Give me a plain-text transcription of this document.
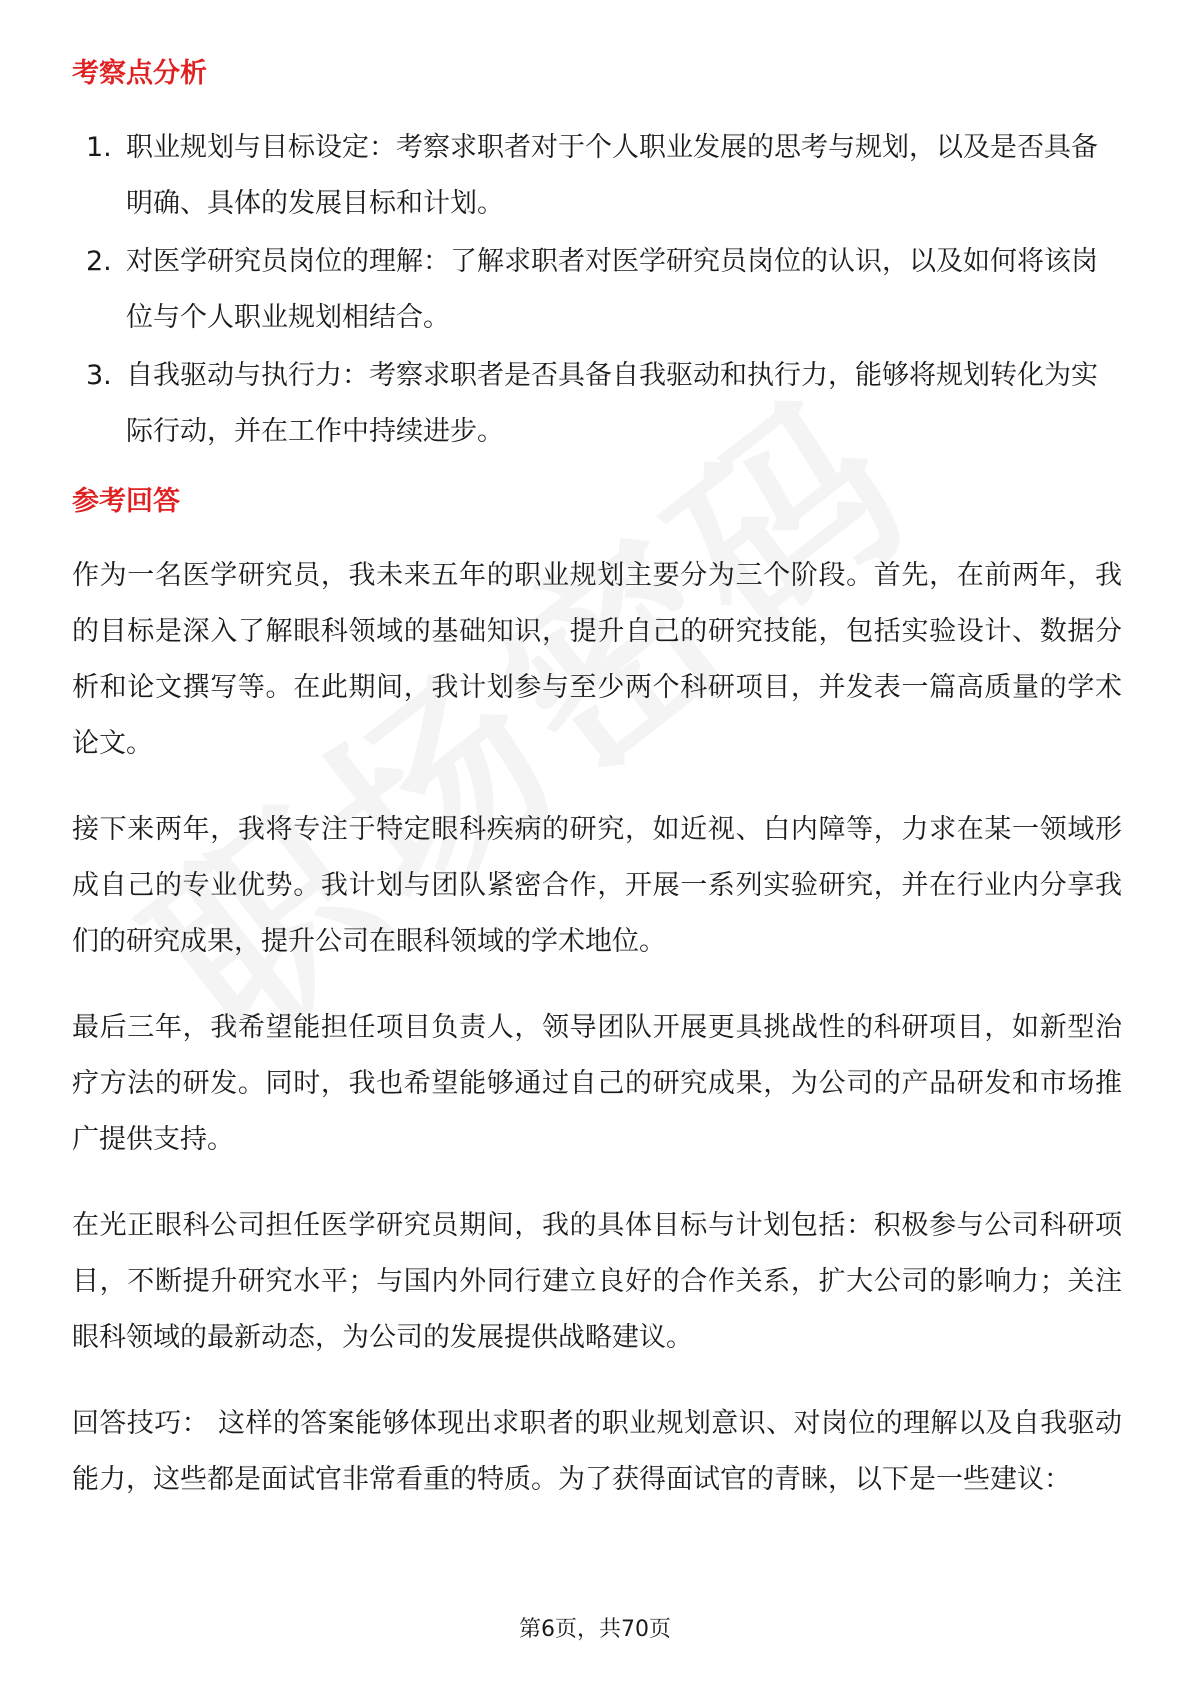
考察点分析
1. 职业规划与目标设定：考察求职者对于个人职业发展的思考与规划，以及是否具备明确、具体的发展目标和计划。
2. 对医学研究员岗位的理解：了解求职者对医学研究员岗位的认识，以及如何将该岗位与个人职业规划相结合。
3. 自我驱动与执行力：考察求职者是否具备自我驱动和执行力，能够将规划转化为实际行动，并在工作中持续进步。
参考回答

作为一名医学研究员，我未来五年的职业规划主要分为三个阶段。首先，在前两年，我的目标是深入了解眼科领域的基础知识，提升自己的研究技能，包括实验设计、数据分析和论文撰写等。在此期间，我计划参与至少两个科研项目，并发表一篇高质量的学术论文。

接下来两年，我将专注于特定眼科疾病的研究，如近视、白内障等，力求在某一领域形成自己的专业优势。我计划与团队紧密合作，开展一系列实验研究，并在行业内分享我们的研究成果，提升公司在眼科领域的学术地位。

最后三年，我希望能担任项目负责人，领导团队开展更具挑战性的科研项目，如新型治疗方法的研发。同时，我也希望能够通过自己的研究成果，为公司的产品研发和市场推广提供支持。

在光正眼科公司担任医学研究员期间，我的具体目标与计划包括：积极参与公司科研项目，不断提升研究水平；与国内外同行建立良好的合作关系，扩大公司的影响力；关注眼科领域的最新动态，为公司的发展提供战略建议。

回答技巧： 这样的答案能够体现出求职者的职业规划意识、对岗位的理解以及自我驱动能力，这些都是面试官非常看重的特质。为了获得面试官的青睐，以下是一些建议：

第6页，共70页
